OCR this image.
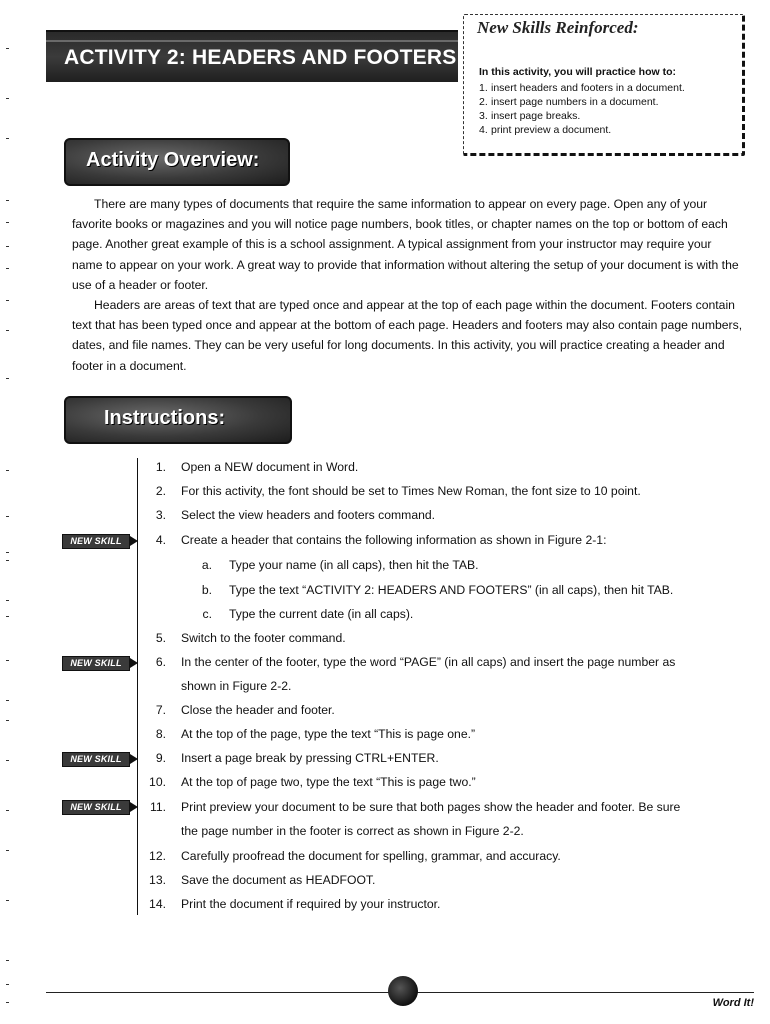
ACTIVITY 2: HEADERS AND FOOTERS
New Skills Reinforced:
In this activity, you will practice how to:
1. insert headers and footers in a document.
2. insert page numbers in a document.
3. insert page breaks.
4. print preview a document.
Activity Overview:

There are many types of documents that require the same information to appear on every page. Open any of your favorite books or magazines and you will notice page numbers, book titles, or chapter names on the top or bottom of each page. Another great example of this is a school assignment. A typical assignment from your instructor may require your name to appear on your work. A great way to provide that information without altering the setup of your document is with the use of a header or footer.

Headers are areas of text that are typed once and appear at the top of each page within the document. Footers contain text that has been typed once and appear at the bottom of each page. Headers and footers may also contain page numbers, dates, and file names. They can be very useful for long documents. In this activity, you will practice creating a header and footer in a document.

Instructions:
1. Open a NEW document in Word.
2. For this activity, the font should be set to Times New Roman, the font size to 10 point.
3. Select the view headers and footers command.
4. Create a header that contains the following information as shown in Figure 2-1:
a. Type your name (in all caps), then hit the TAB.
b. Type the text “ACTIVITY 2: HEADERS AND FOOTERS” (in all caps), then hit TAB.
c. Type the current date (in all caps).
5. Switch to the footer command.
6. In the center of the footer, type the word “PAGE” (in all caps) and insert the page number as
shown in Figure 2-2.
7. Close the header and footer.
8. At the top of the page, type the text “This is page one.”
9. Insert a page break by pressing CTRL+ENTER.
10. At the top of page two, type the text “This is page two.”
11. Print preview your document to be sure that both pages show the header and footer. Be sure
the page number in the footer is correct as shown in Figure 2-2.
12. Carefully proofread the document for spelling, grammar, and accuracy.
13. Save the document as HEADFOOT.
14. Print the document if required by your instructor.
NEW SKILL
NEW SKILL
NEW SKILL
NEW SKILL
Word It!
